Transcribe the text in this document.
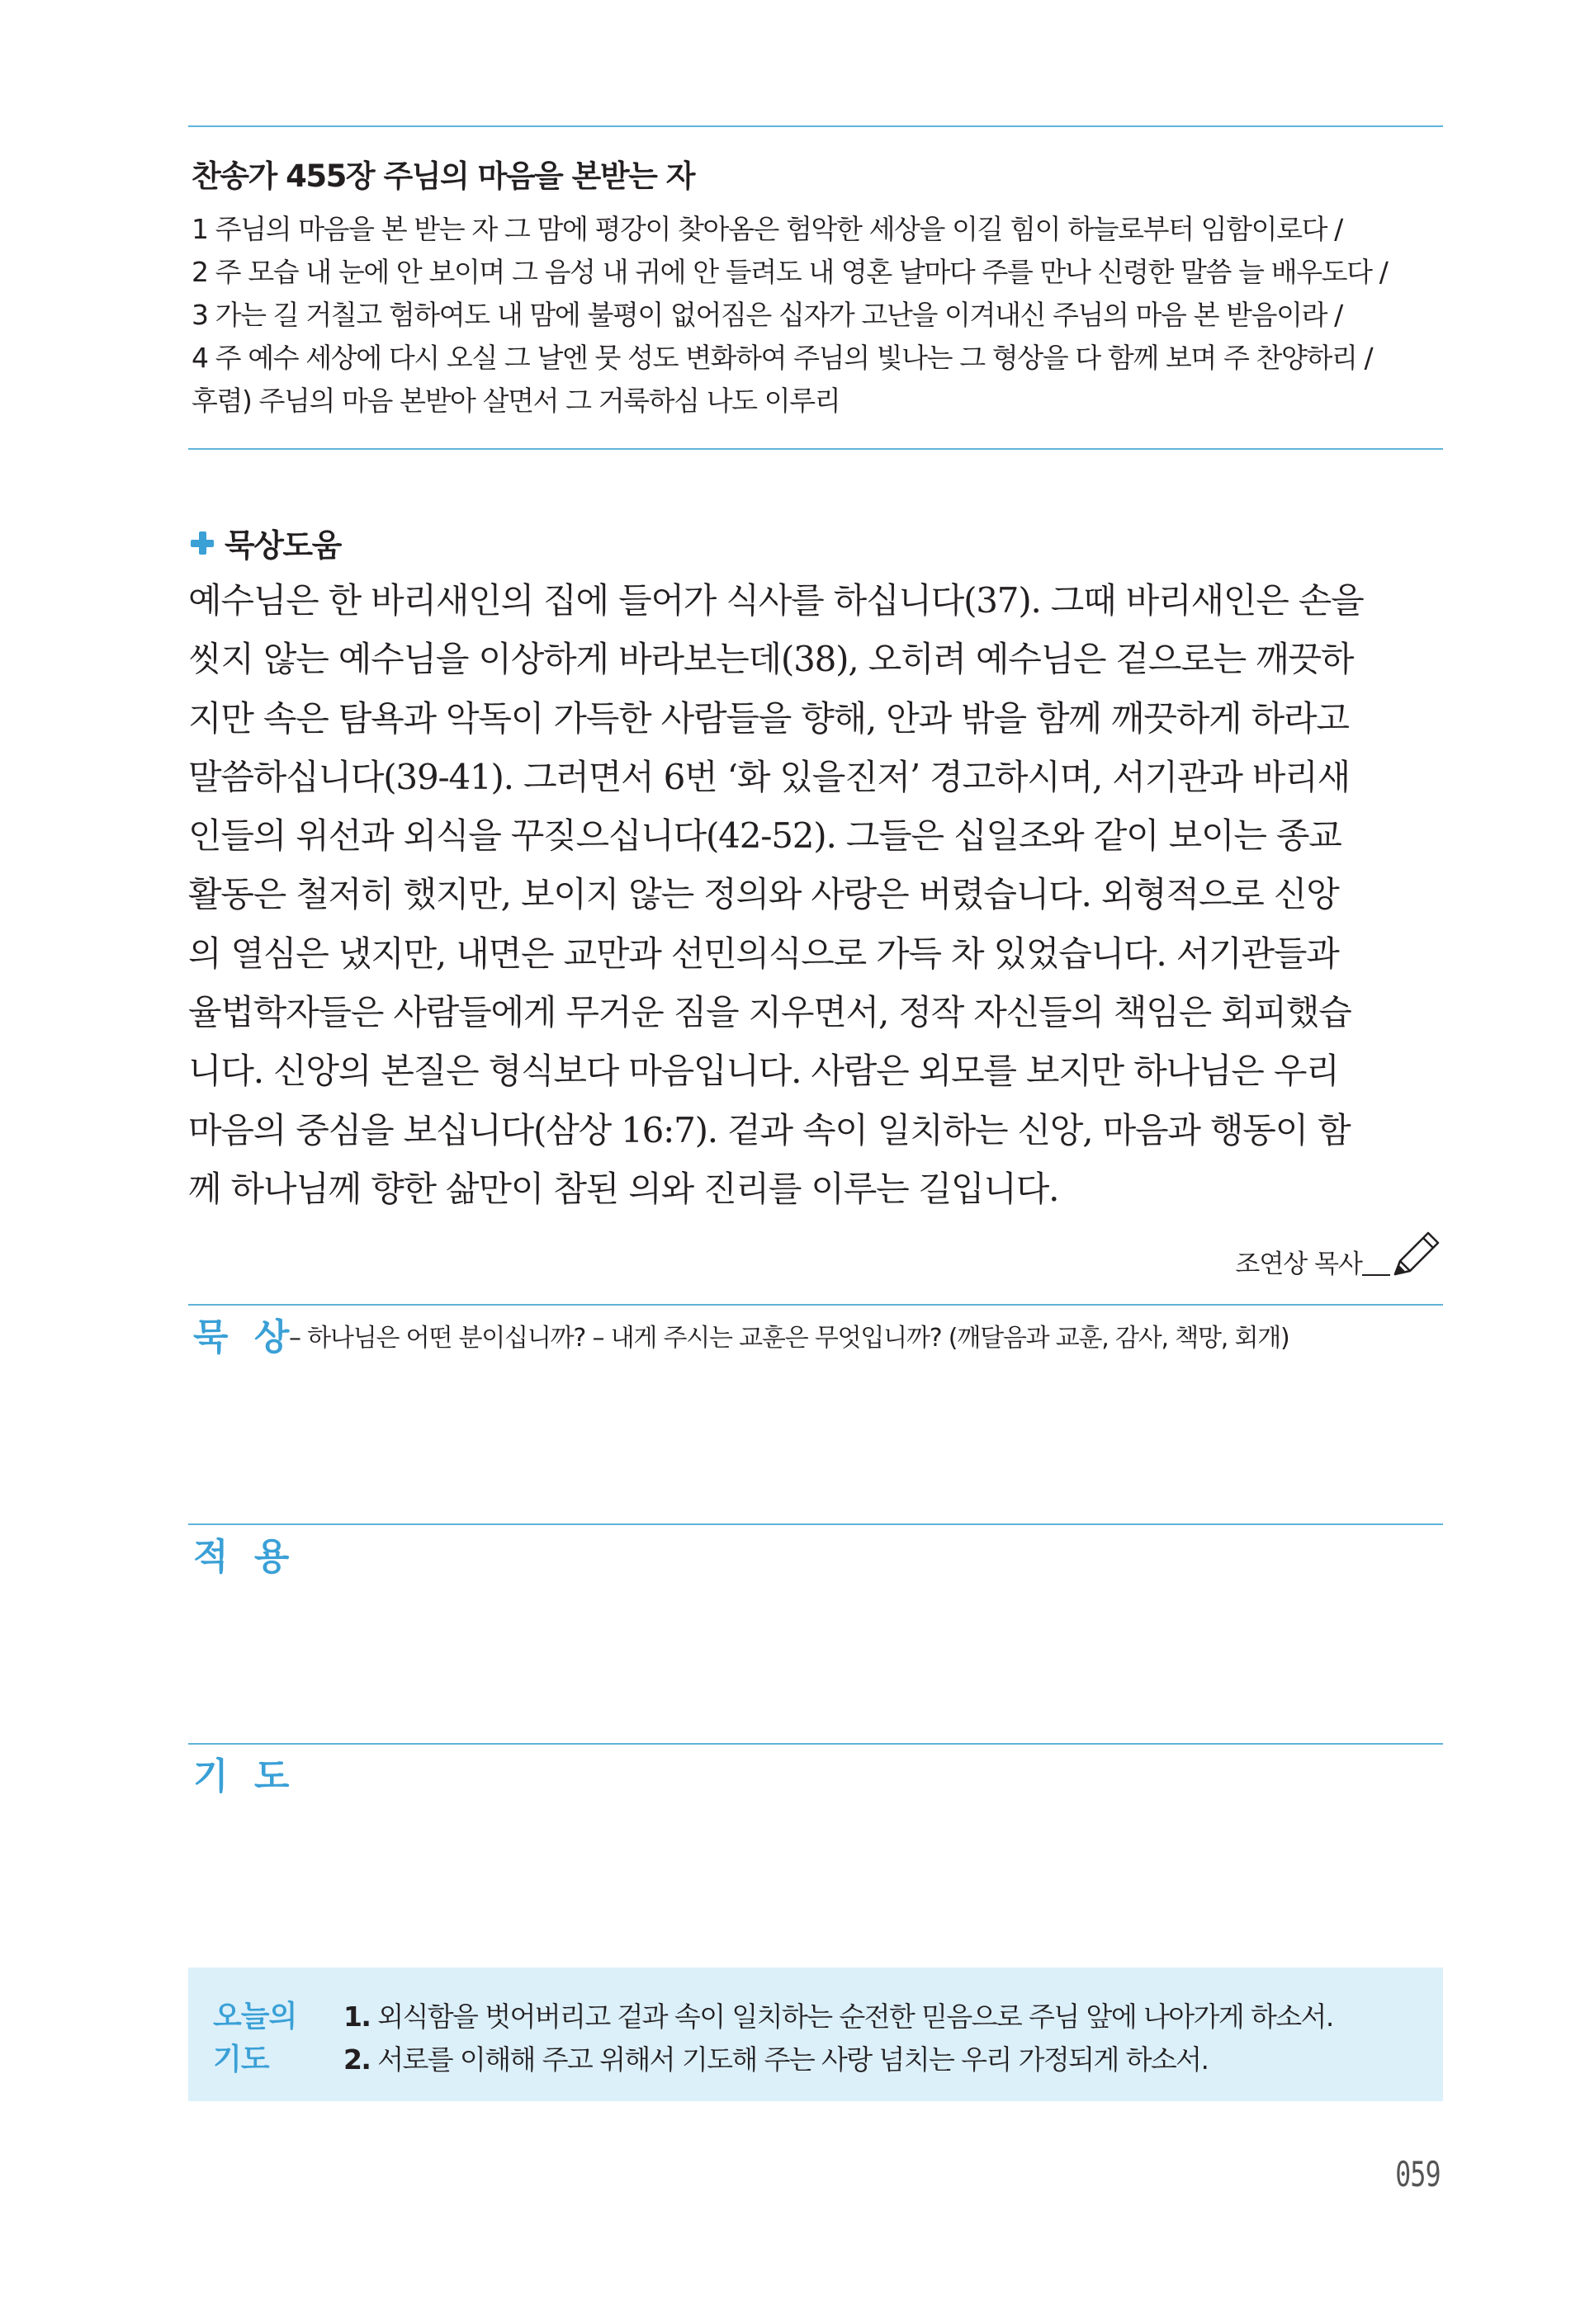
찬송가 455장 주님의 마음을 본받는 자
1 주님의 마음을 본 받는 자 그 맘에 평강이 찾아옴은 험악한 세상을 이길 힘이 하늘로부터 임함이로다 /
2 주 모습 내 눈에 안 보이며 그 음성 내 귀에 안 들려도 내 영혼 날마다 주를 만나 신령한 말씀 늘 배우도다 /
3 가는 길 거칠고 험하여도 내 맘에 불평이 없어짐은 십자가 고난을 이겨내신 주님의 마음 본 받음이라 /
4 주 예수 세상에 다시 오실 그 날엔 뭇 성도 변화하여 주님의 빛나는 그 형상을 다 함께 보며 주 찬양하리 /
후렴) 주님의 마음 본받아 살면서 그 거룩하심 나도 이루리
묵상도움
예수님은 한 바리새인의 집에 들어가 식사를 하십니다(37). 그때 바리새인은 손을
씻지 않는 예수님을 이상하게 바라보는데(38), 오히려 예수님은 겉으로는 깨끗하
지만 속은 탐욕과 악독이 가득한 사람들을 향해, 안과 밖을 함께 깨끗하게 하라고
말씀하십니다(39-41). 그러면서 6번 ‘화 있을진저’ 경고하시며, 서기관과 바리새
인들의 위선과 외식을 꾸짖으십니다(42-52). 그들은 십일조와 같이 보이는 종교
활동은 철저히 했지만, 보이지 않는 정의와 사랑은 버렸습니다. 외형적으로 신앙
의 열심은 냈지만, 내면은 교만과 선민의식으로 가득 차 있었습니다. 서기관들과
율법학자들은 사람들에게 무거운 짐을 지우면서, 정작 자신들의 책임은 회피했습
니다. 신앙의 본질은 형식보다 마음입니다. 사람은 외모를 보지만 하나님은 우리
마음의 중심을 보십니다(삼상 16:7). 겉과 속이 일치하는 신앙, 마음과 행동이 함
께 하나님께 향한 삶만이 참된 의와 진리를 이루는 길입니다.
조연상 목사
묵 상
– 하나님은 어떤 분이십니까? – 내게 주시는 교훈은 무엇입니까? (깨달음과 교훈, 감사, 책망, 회개)
적 용
기 도
오늘의
기도
1. 외식함을 벗어버리고 겉과 속이 일치하는 순전한 믿음으로 주님 앞에 나아가게 하소서.
2. 서로를 이해해 주고 위해서 기도해 주는 사랑 넘치는 우리 가정되게 하소서.
059
